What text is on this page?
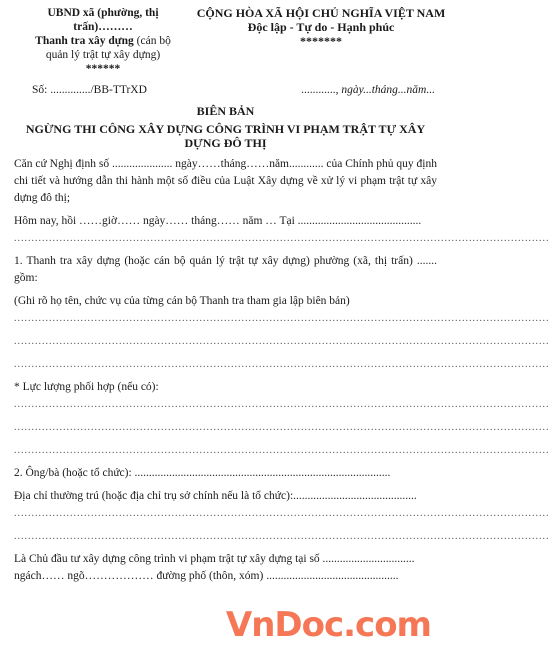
UBND xã (phường, thị
trấn)………
Thanh tra xây dựng (cán bộ
quản lý trật tự xây dựng)
******
CỘNG HÒA XÃ HỘI CHỦ NGHĨA VIỆT NAM
Độc lập - Tự do - Hạnh phúc
*******
Số: ............../BB-TTrXD	............, ngày...tháng...năm...
BIÊN BẢN
NGỪNG THI CÔNG XÂY DỰNG CÔNG TRÌNH VI PHẠM TRẬT TỰ XÂY DỰNG ĐÔ THỊ
Căn cứ Nghị định số ..................... ngày……tháng……năm............ của Chính phủ quy định chi tiết và hướng dẫn thi hành một số điều của Luật Xây dựng về xử lý vi phạm trật tự xây dựng đô thị;
Hôm nay, hồi ……giờ…… ngày…… tháng…… năm … Tại ...........................................
.........................................................................................................................................................
1. Thanh tra xây dựng (hoặc cán bộ quản lý trật tự xây dựng) phường (xã, thị trấn) ....... gồm:
(Ghi rõ họ tên, chức vụ của từng cán bộ Thanh tra tham gia lập biên bản)
.........................................................................................................................................................
.........................................................................................................................................................
.........................................................................................................................................................
* Lực lượng phối hợp (nếu có):
.........................................................................................................................................................
.........................................................................................................................................................
.........................................................................................................................................................
2. Ông/bà (hoặc tổ chức): .........................................................................................
Địa chỉ thường trú (hoặc địa chỉ trụ sở chính nếu là tổ chức):...........................................
.........................................................................................................................................................
.........................................................................................................................................................
Là Chủ đầu tư xây dựng công trình vi phạm trật tự xây dựng tại số ................................
ngách…… ngõ……………… đường phố (thôn, xóm) ..............................................
VnDoc.com
